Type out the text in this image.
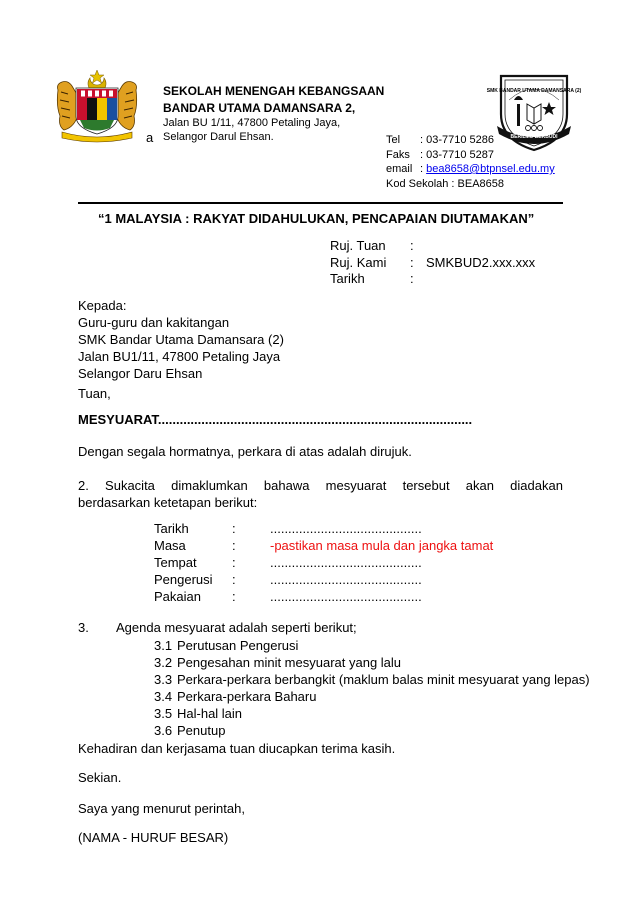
SMK BANDAR UTAMA DAMANSARA (2)
BERILMU BERBUDI
SEKOLAH MENENGAH KEBANGSAAN
BANDAR UTAMA DAMANSARA 2,
Jalan BU 1/11, 47800 Petaling Jaya,
Selangor Darul Ehsan.
a	Tel : 03-7710 5286
Faks : 03-7710 5287
email : bea8658@btpnsel.edu.my
Kod Sekolah : BEA8658
“1 MALAYSIA : RAKYAT DIDAHULUKAN, PENCAPAIAN DIUTAMAKAN”
Ruj. Tuan :
Ruj. Kami : SMKBUD2.xxx.xxx
Tarikh	:
Kepada:
Guru-guru dan kakitangan
SMK Bandar Utama Damansara (2)
Jalan BU1/11, 47800 Petaling Jaya
Selangor Daru Ehsan
Tuan,
MESYUARAT.......................................................................................
Dengan segala hormatnya, perkara di atas adalah dirujuk.
2. Sukacita dimaklumkan bahawa mesyuarat tersebut akan diadakan
berdasarkan ketetapan berikut:
Tarikh	:	..........................................
Masa	:	-pastikan masa mula dan jangka tamat
Tempat	:	..........................................
Pengerusi	:	..........................................
Pakaian	:	..........................................
3. Agenda mesyuarat adalah seperti berikut;
3.1 Perutusan Pengerusi
3.2 Pengesahan minit mesyuarat yang lalu
3.3 Perkara-perkara berbangkit (maklum balas minit mesyuarat yang lepas)
3.4 Perkara-perkara Baharu
3.5 Hal-hal lain
3.6 Penutup
Kehadiran dan kerjasama tuan diucapkan terima kasih.
Sekian.
Saya yang menurut perintah,
(NAMA - HURUF BESAR)
